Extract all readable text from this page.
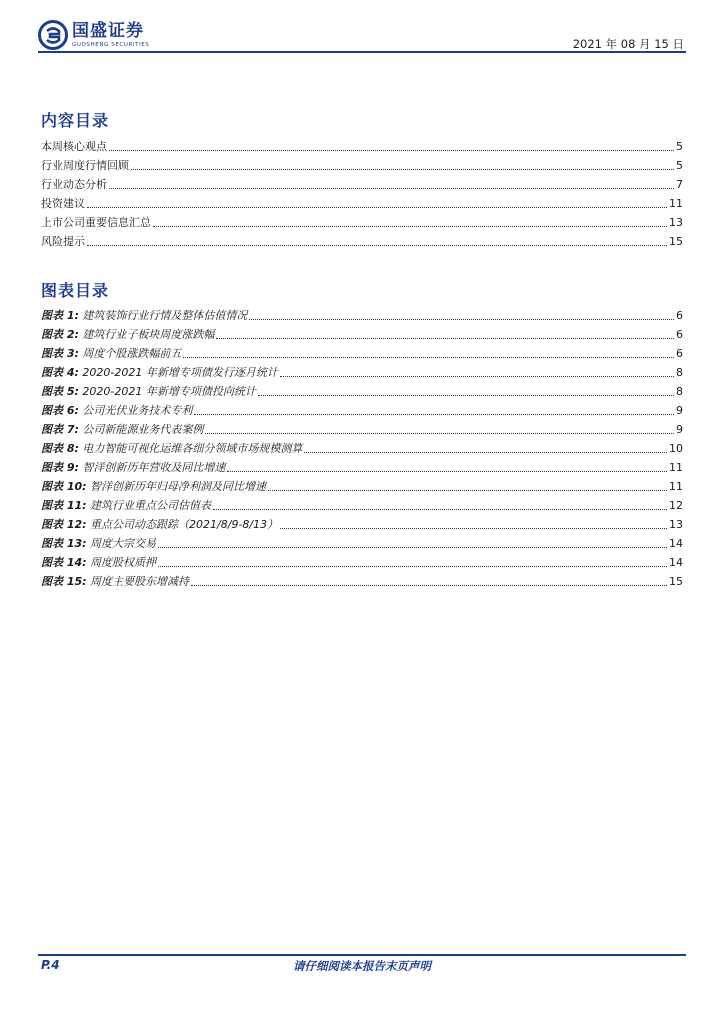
国盛证券
GUOSHENG SECURITIES	2021 年 08 月 15 日
内容目录
本周核心观点	5
行业周度行情回顾	5
行业动态分析	7
投资建议	11
上市公司重要信息汇总	13
风险提示	15
图表目录
图表 1: 建筑装饰行业行情及整体估值情况	6
图表 2: 建筑行业子板块周度涨跌幅	6
图表 3: 周度个股涨跌幅前五	6
图表 4: 2020-2021 年新增专项债发行逐月统计	8
图表 5: 2020-2021 年新增专项债投向统计	8
图表 6: 公司光伏业务技术专利	9
图表 7: 公司新能源业务代表案例	9
图表 8: 电力智能可视化运维各细分领域市场规模测算	10
图表 9: 智洋创新历年营收及同比增速	11
图表 10: 智洋创新历年归母净利润及同比增速	11
图表 11: 建筑行业重点公司估值表	12
图表 12: 重点公司动态跟踪（2021/8/9-8/13）	13
图表 13: 周度大宗交易	14
图表 14: 周度股权质押	14
图表 15: 周度主要股东增减持	15
P.4	请仔细阅读本报告末页声明
